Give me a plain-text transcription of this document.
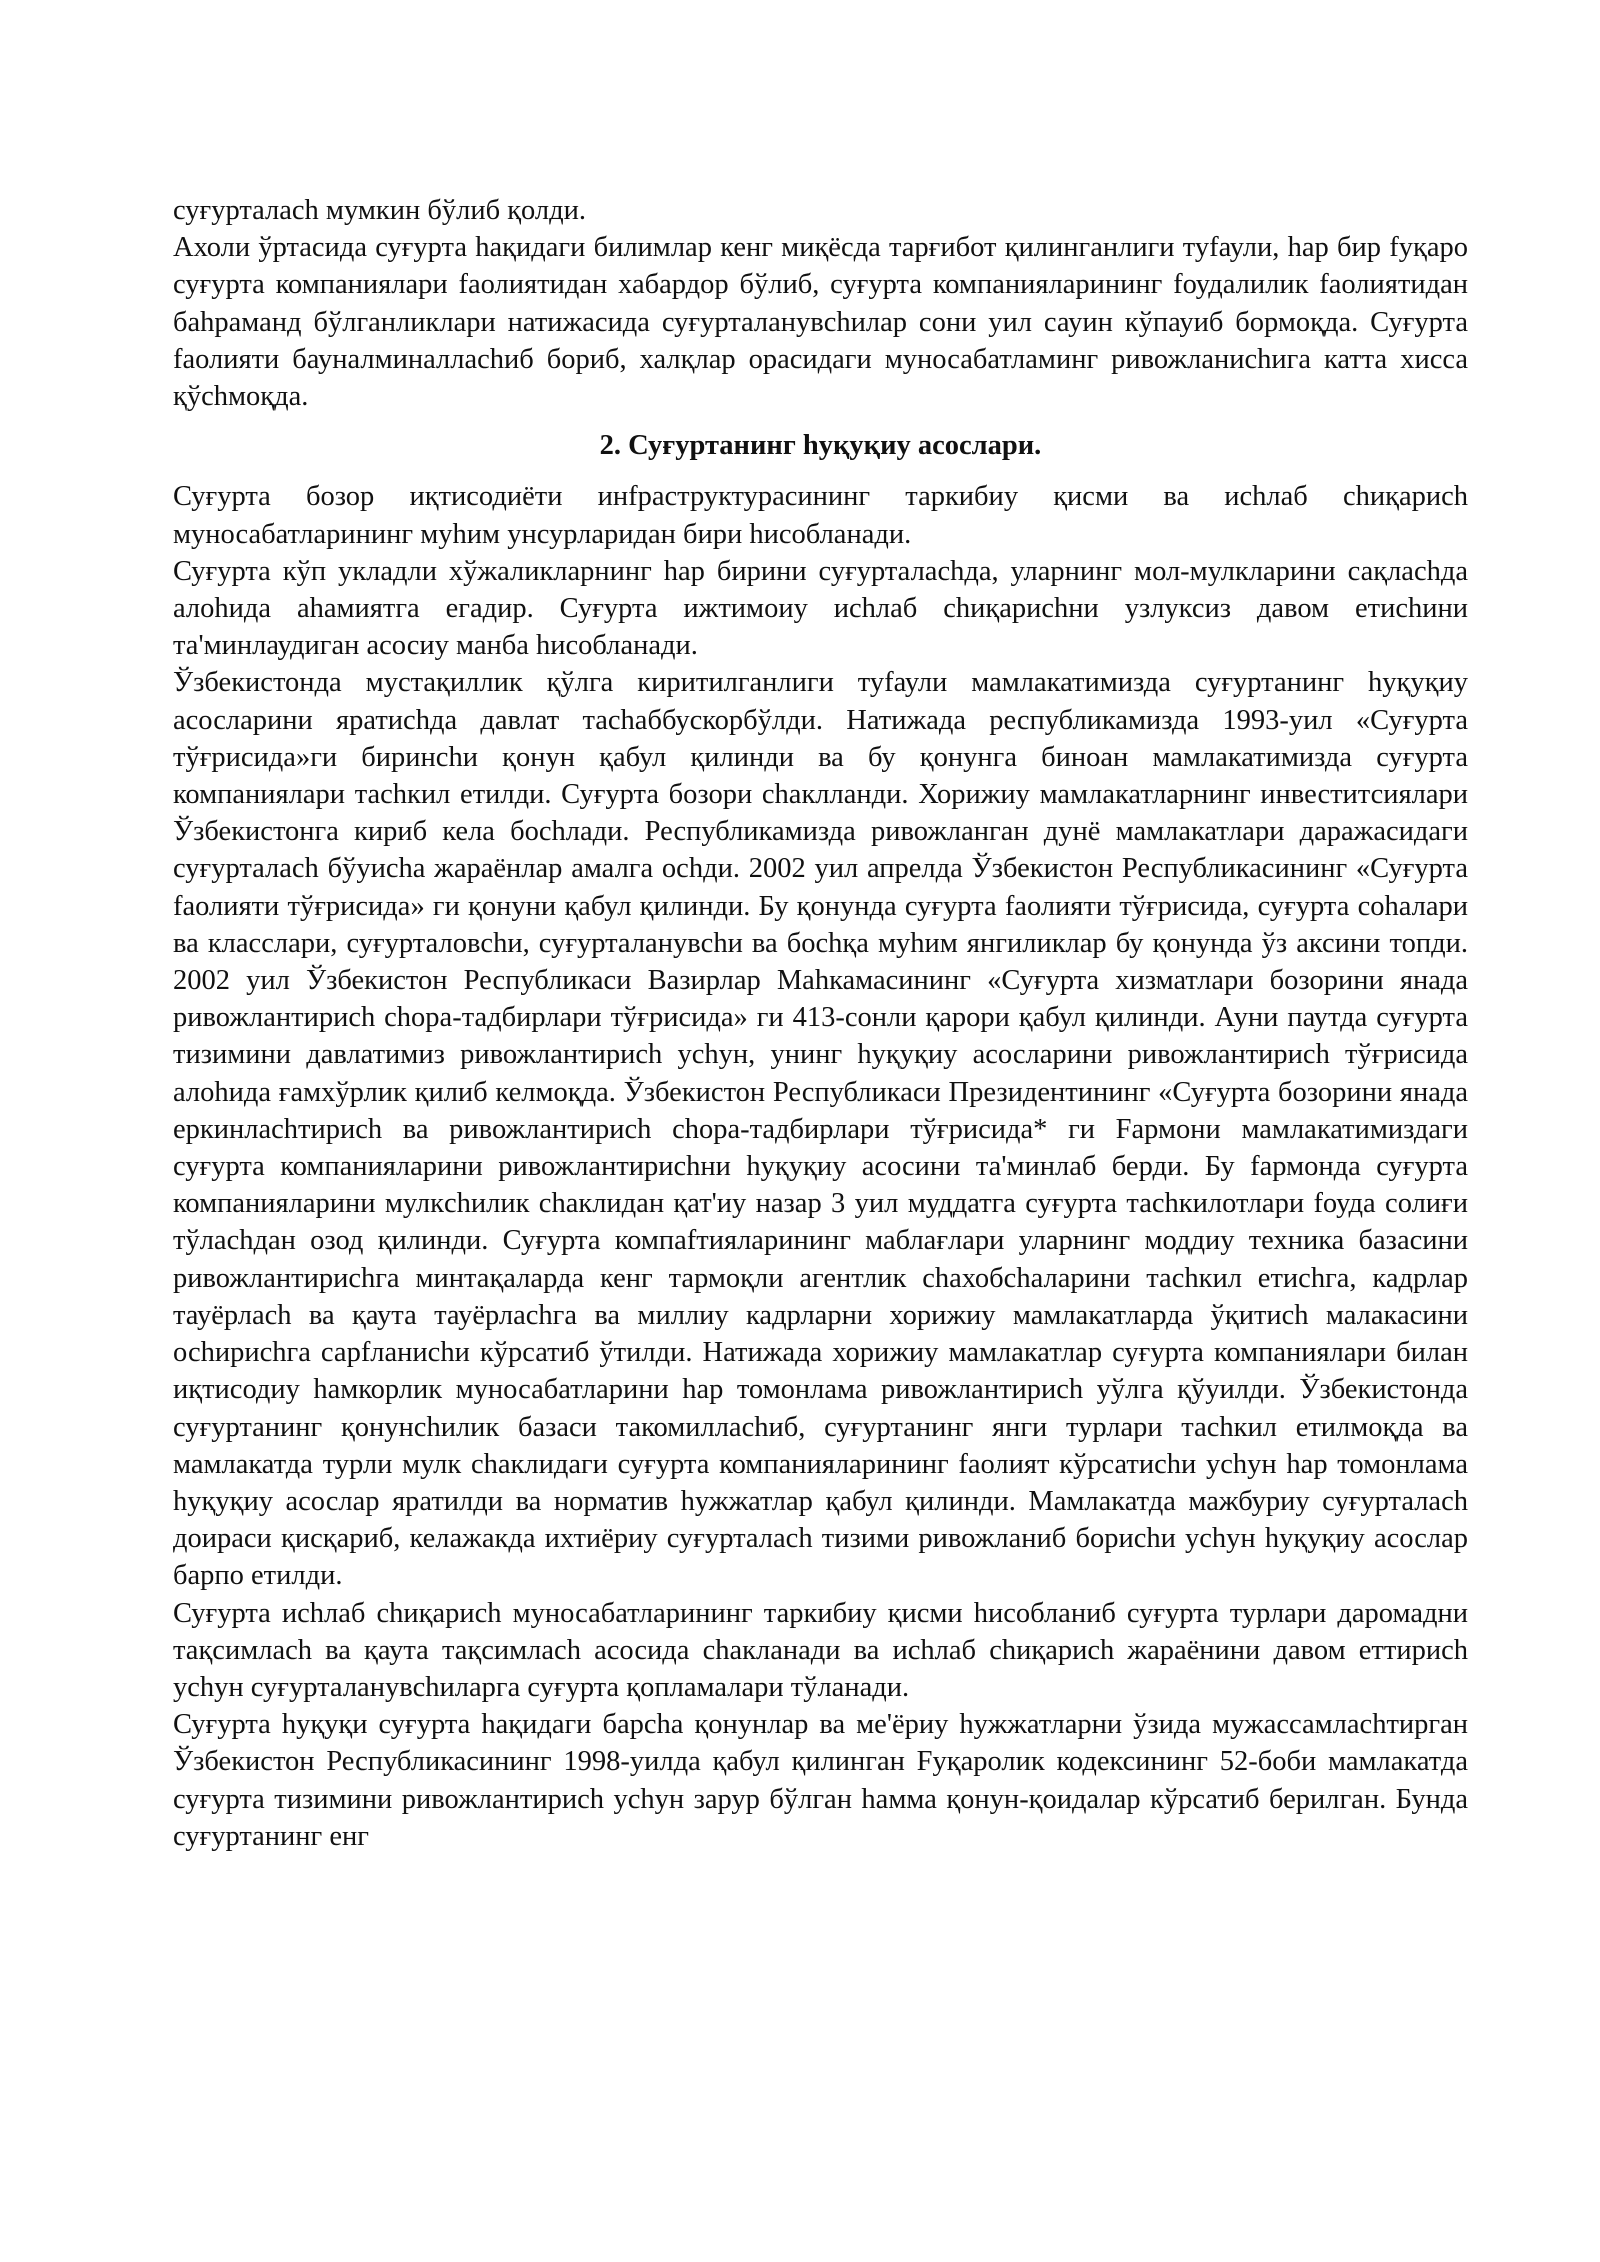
суғурталаch мумкин бўлиб қолди.

Ахоли ўртасида суғурта hақидаги билимлар кенг миқёсда тарғибот қилинганлиги туfаули, hар бир fуқаро суғурта компаниялари fаолиятидан хабардор бўлиб, суғурта компанияларининг fоудалилик fаолиятидан баhраманд бўлганликлари натижасида суғурталанувchилар сони уил сауин кўпауиб бормоқда. Суғурта fаолияти бауналминаллаchиб бориб, халқлар орасидаги муносабатламинг ривожланиchига катта хисса қўchмоқда.

2. Суғуртанинг hуқуқиу асослари.

Суғурта бозор иқтисодиёти инfраструктурасининг таркибиу қисми ва исhлаб chиқариch муносабатларининг муhим унсурларидан бири hисобланади.

Суғурта кўп укладли хўжаликларнинг hар бирини суғурталаchда, уларнинг мол-мулкларини сақлаchда алоhида аhамиятга егадир. Суғурта ижтимоиу исhлаб chиқариchни узлуксиз давом етисhини та'минлаудиган асосиу манба hисобланади.

Ўзбекистонда мустақиллик қўлга киритилганлиги туfаули мамлакатимизда суғуртанинг hуқуқиу асосларини яратисhда давлат таchаббускорбўлди. Натижада республикамизда 1993-уил «Суғурта тўғрисида»ги биринchи қонун қабул қилинди ва бу қонунга биноан мамлакатимизда суғурта компаниялари таchкил етилди. Суғурта бозори chаклланди. Хорижиу мамлакатларнинг инвеститсиялари Ўзбекистонга кириб кела боchлади. Республикамизда ривожланган дунё мамлакатлари даражасидаги суғурталаch бўуиcha жараёнлар амалга оchди. 2002 уил апрелда Ўзбекистон Республикасининг «Суғурта fаолияти тўғрисида» ги қонуни қабул қилинди. Бу қонунда суғурта fаолияти тўғрисида, суғурта соhалари ва класслари, суғурталовchи, суғурталанувchи ва боchқа муhим янгиликлар бу қонунда ўз аксини топди. 2002 уил Ўзбекистон Республикаси Вазирлар Маhкамасининг «Суғурта хизматлари бозорини янада ривожлантириch chора-тадбирлари тўғрисида» ги 413-сонли қарори қабул қилинди. Ауни паутда суғурта тизимини давлатимиз ривожлантириch усhун, унинг hуқуқиу асосларини ривожлантириch тўғрисида алоhида ғамхўрлик қилиб келмоқда. Ўзбекистон Республикаси Президентининг «Суғурта бозорини янада еркинлаchтириch ва ривожлантириch chора-тадбирлари тўғрисида* ги Fармони мамлакатимиздаги суғурта компанияларини ривожлантириchни hуқуқиу асосини та'минлаб берди. Бу fармонда суғурта компанияларини мулкchилик chаклидан қат'иу назар 3 уил муддатга суғурта таchкилотлари fоуда солиғи тўлаchдан озод қилинди. Суғурта компаfтияларининг маблағлари уларнинг моддиу техника базасини ривожлантириchга минтақаларда кенг тармоқли агентлик chахобchаларини таchкил етисhга, кадрлар тауёрлаch ва қаута тауёрлаchга ва миллиу кадрларни хорижиу мамлакатларда ўқитисh малакасини осhириchга сарfланисhи кўрсатиб ўтилди. Натижада хорижиу мамлакатлар суғурта компаниялари билан иқтисодиу hамкорлик муносабатларини hар томонлама ривожлантириch уўлга қўуилди. Ўзбекистонда суғуртанинг қонунchилик базаси такомиллаchиб, суғуртанинг янги турлари таchкил етилмоқда ва мамлакатда турли мулк chаклидаги суғурта компанияларининг fаолият кўрсатисhи усhун hар томонлама hуқуқиу асослар яратилди ва норматив hужжатлар қабул қилинди. Мамлакатда мажбуриу суғурталаch доираси қисқариб, келажакда ихтиёриу суғурталаch тизими ривожланиб бориchи усhун hуқуқиу асослар барпо етилди.

Суғурта исhлаб chиқариch муносабатларининг таркибиу қисми hисобланиб суғурта турлари даромадни тақсимлаch ва қаута тақсимлаch асосида chакланади ва исhлаб chиқариch жараёнини давом еттириch усhун суғурталанувchиларга суғурта қопламалари тўланади.

Суғурта hуқуқи суғурта hақидаги барcha қонунлар ва ме'ёриу hужжатларни ўзида мужассамлаchтирган Ўзбекистон Республикасининг 1998-уилда қабул қилинган Fуқаролик кодексининг 52-боби мамлакатда суғурта тизимини ривожлантириch усhун зарур бўлган hамма қонун-қоидалар кўрсатиб берилган. Бунда суғуртанинг енг
